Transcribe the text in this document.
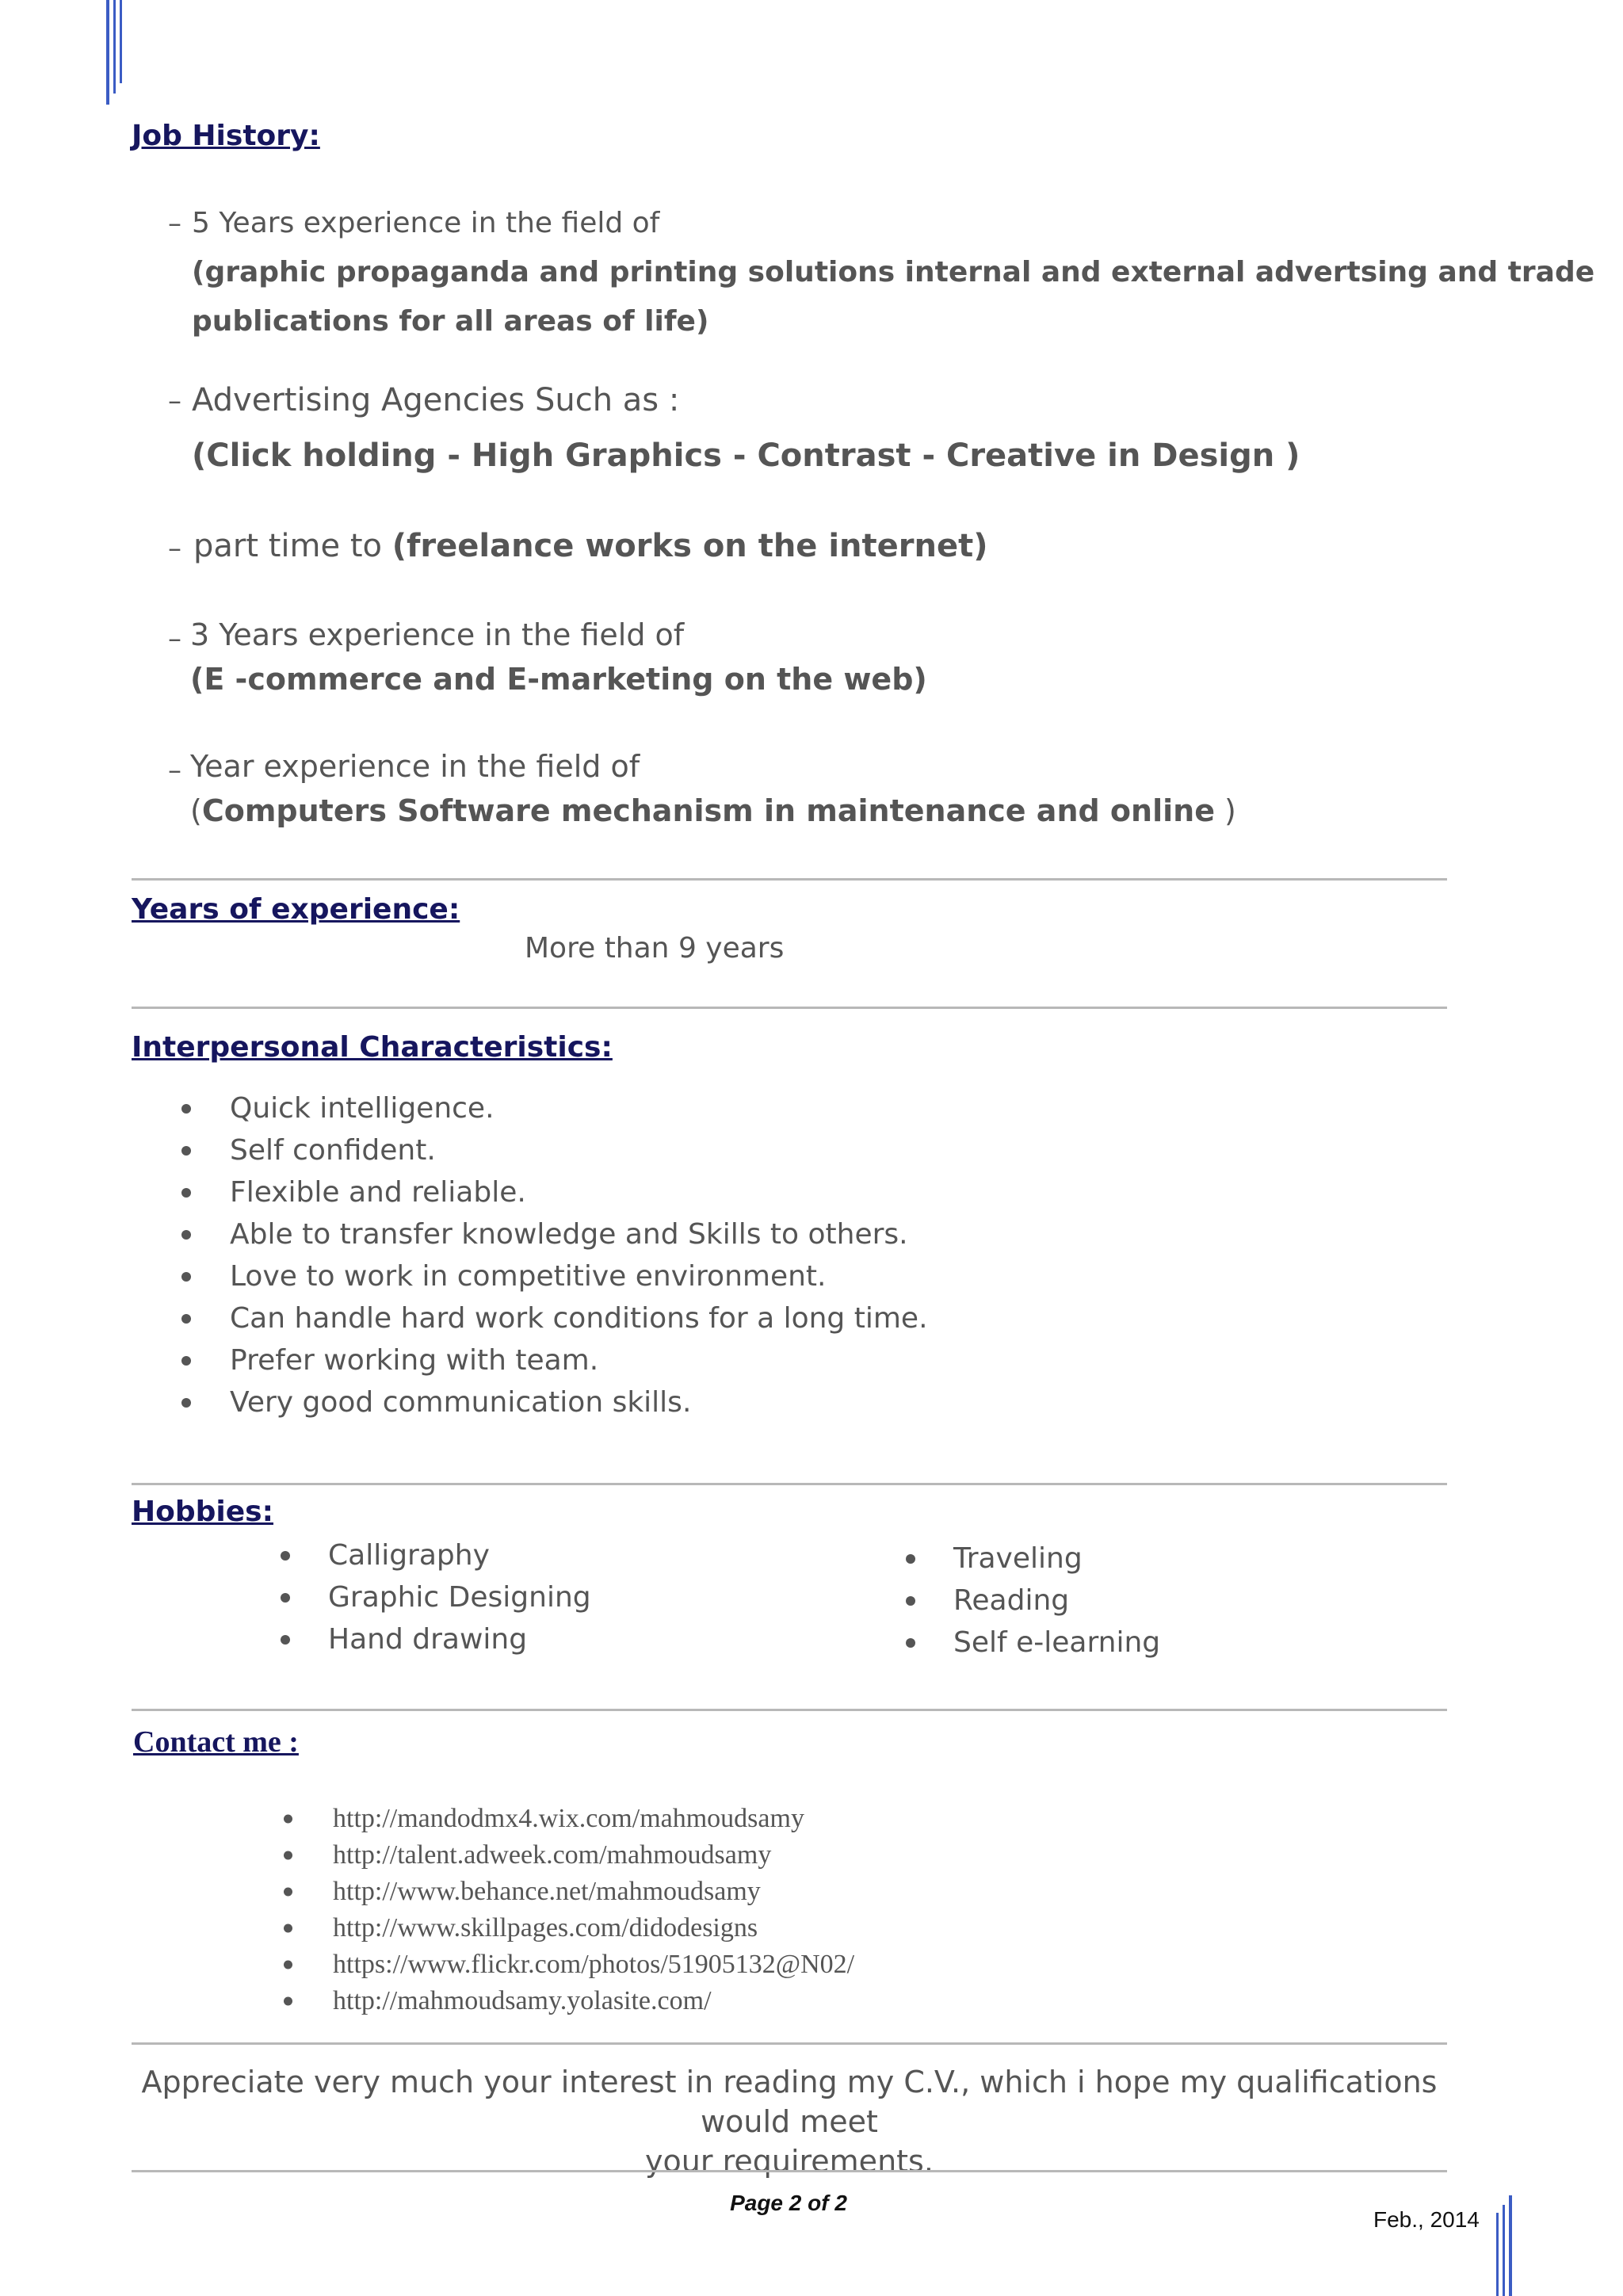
Job History:
– 5 Years experience in the field of

(graphic propaganda and printing solutions internal and external advertsing and trade

publications for all areas of life)

– Advertising Agencies Such as :

(Click holding - High Graphics - Contrast - Creative in Design )

– part time to (freelance works on the internet)

– 3 Years experience in the field of

(E -commerce and E-marketing on the web)

– Year experience in the field of

(Computers Software mechanism in maintenance and online )

Years of experience:

More than 9 years

Interpersonal Characteristics:
Quick intelligence.
Self confident.
Flexible and reliable.
Able to transfer knowledge and Skills to others.
Love to work in competitive environment.
Can handle hard work conditions for a long time.
Prefer working with team.
Very good communication skills.
Hobbies:
Calligraphy
Graphic Designing
Hand drawing
Traveling
Reading
Self e-learning
Contact me :
http://mandodmx4.wix.com/mahmoudsamy
http://talent.adweek.com/mahmoudsamy
http://www.behance.net/mahmoudsamy
http://www.skillpages.com/didodesigns
https://www.flickr.com/photos/51905132@N02/
http://mahmoudsamy.yolasite.com/
Appreciate very much your interest in reading my C.V., which i hope my qualifications would meet
your requirements.

Page 2 of 2

Feb., 2014
